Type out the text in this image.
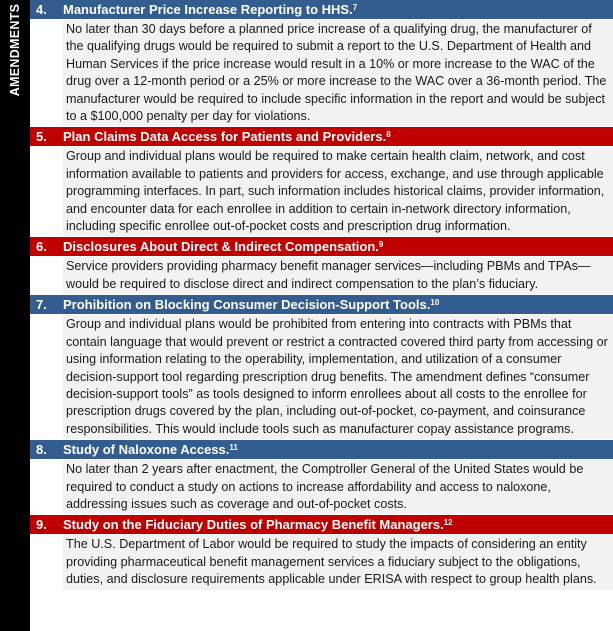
AMENDMENTS	4.	Manufacturer Price Increase Reporting to HHS.$^7$
No later than 30 days before a planned price increase of a qualifying drug, the manufacturer of the qualifying drugs would be required to submit a report to the U.S. Department of Health and Human Services if the price increase would result in a 10% or more increase to the WAC of the drug over a 12-month period or a 25% or more increase to the WAC over a 36-month period. The manufacturer would be required to include specific information in the report and would be subject to a $100,000 penalty per day for violations.
5.	Plan Claims Data Access for Patients and Providers.$^8$
Group and individual plans would be required to make certain health claim, network, and cost information available to patients and providers for access, exchange, and use through applicable programming interfaces. In part, such information includes historical claims, provider information, and encounter data for each enrollee in addition to certain in-network directory information, including specific enrollee out-of-pocket costs and prescription drug information.
6.	Disclosures About Direct & Indirect Compensation.$^9$
Service providers providing pharmacy benefit manager services—including PBMs and TPAs—would be required to disclose direct and indirect compensation to the plan’s fiduciary.
7.	Prohibition on Blocking Consumer Decision-Support Tools.$^{10}$
Group and individual plans would be prohibited from entering into contracts with PBMs that contain language that would prevent or restrict a contracted covered third party from accessing or using information relating to the operability, implementation, and utilization of a consumer decision-support tool regarding prescription drug benefits. The amendment defines “consumer decision-support tools” as tools designed to inform enrollees about all costs to the enrollee for prescription drugs covered by the plan, including out-of-pocket, co-payment, and coinsurance responsibilities. This would include tools such as manufacturer copay assistance programs.
8.	Study of Naloxone Access.$^{11}$
No later than 2 years after enactment, the Comptroller General of the United States would be required to conduct a study on actions to increase affordability and access to naloxone, addressing issues such as coverage and out-of-pocket costs.
9.	Study on the Fiduciary Duties of Pharmacy Benefit Managers.$^{12}$
The U.S. Department of Labor would be required to study the impacts of considering an entity providing pharmaceutical benefit management services a fiduciary subject to the obligations, duties, and disclosure requirements applicable under ERISA with respect to group health plans.
